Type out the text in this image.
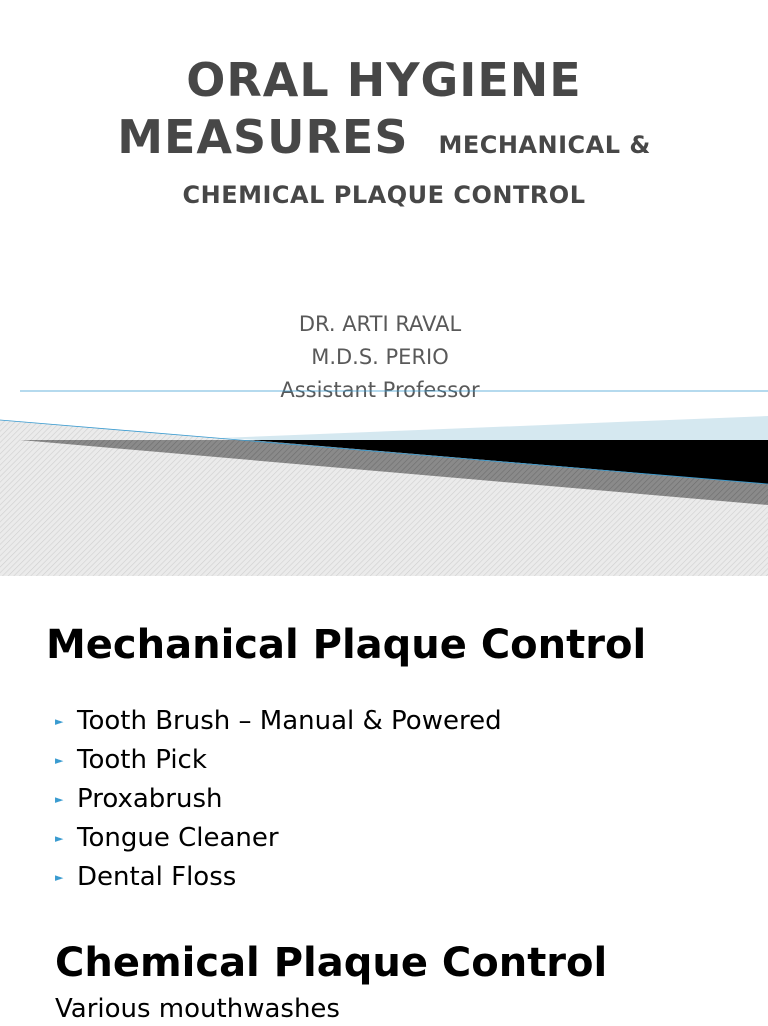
ORAL HYGIENE
MEASURES MECHANICAL &
CHEMICAL PLAQUE CONTROL
DR. ARTI RAVAL
M.D.S. PERIO
Assistant Professor
Mechanical Plaque Control
► Tooth Brush – Manual & Powered
► Tooth Pick
► Proxabrush
► Tongue Cleaner
► Dental Floss
Chemical Plaque Control
Various mouthwashes
